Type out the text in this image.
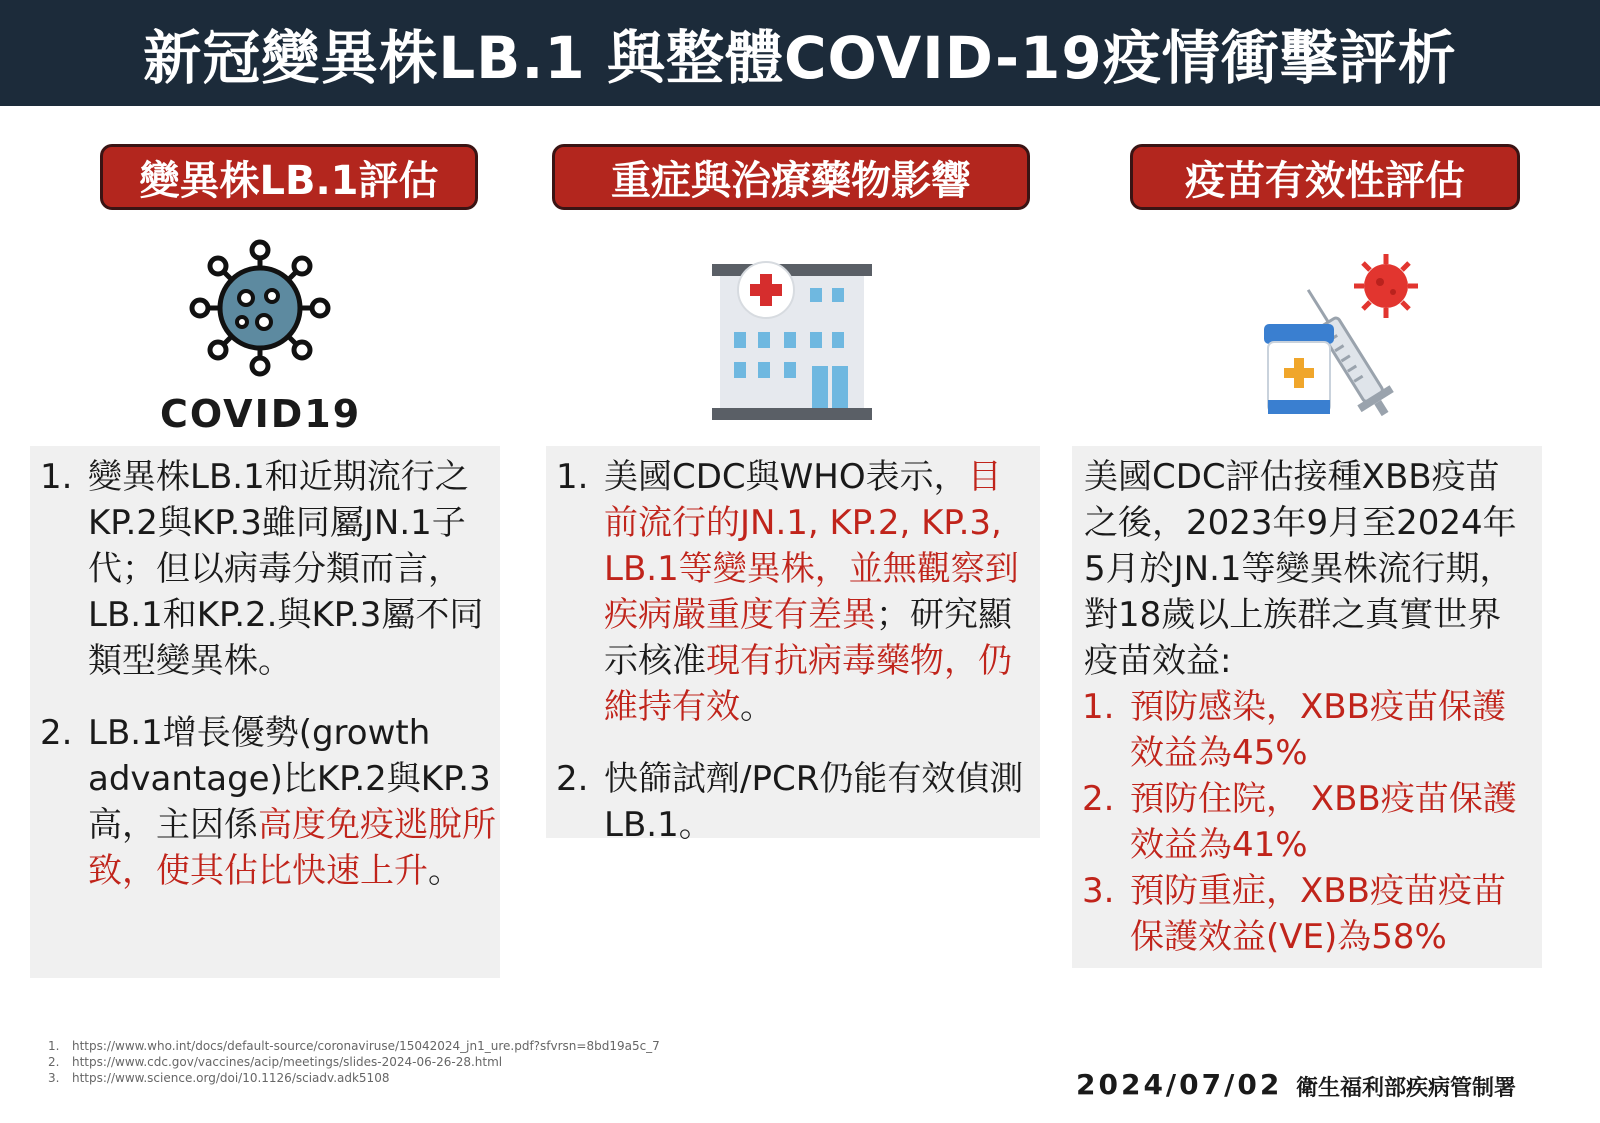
新冠變異株LB.1 與整體COVID-19疫情衝擊評析
變異株LB.1評估	重症與治療藥物影響	疫苗有效性評估
COVID19
1. 變異株LB.1和近期流行之KP.2與KP.3雖同屬JN.1子代；但以病毒分類而言，LB.1和KP.2.與KP.3屬不同類型變異株。
2. LB.1增長優勢(growth advantage)比KP.2與KP.3高，主因係高度免疫逃脫所致，使其佔比快速上升。
1. 美國CDC與WHO表示，目前流行的JN.1, KP.2, KP.3, LB.1等變異株，並無觀察到疾病嚴重度有差異；研究顯示核准現有抗病毒藥物，仍維持有效。
2. 快篩試劑/PCR仍能有效偵測LB.1。
美國CDC評估接種XBB疫苗之後，2023年9月至2024年5月於JN.1等變異株流行期，對18歲以上族群之真實世界疫苗效益:
1. 預防感染，XBB疫苗保護效益為45%
2. 預防住院， XBB疫苗保護效益為41%
3. 預防重症，XBB疫苗疫苗保護效益(VE)為58%
1. https://www.who.int/docs/default-source/coronaviruse/15042024_jn1_ure.pdf?sfvrsn=8bd19a5c_7
2. https://www.cdc.gov/vaccines/acip/meetings/slides-2024-06-26-28.html
3. https://www.science.org/doi/10.1126/sciadv.adk5108	2024/07/02 衛生福利部疾病管制署
